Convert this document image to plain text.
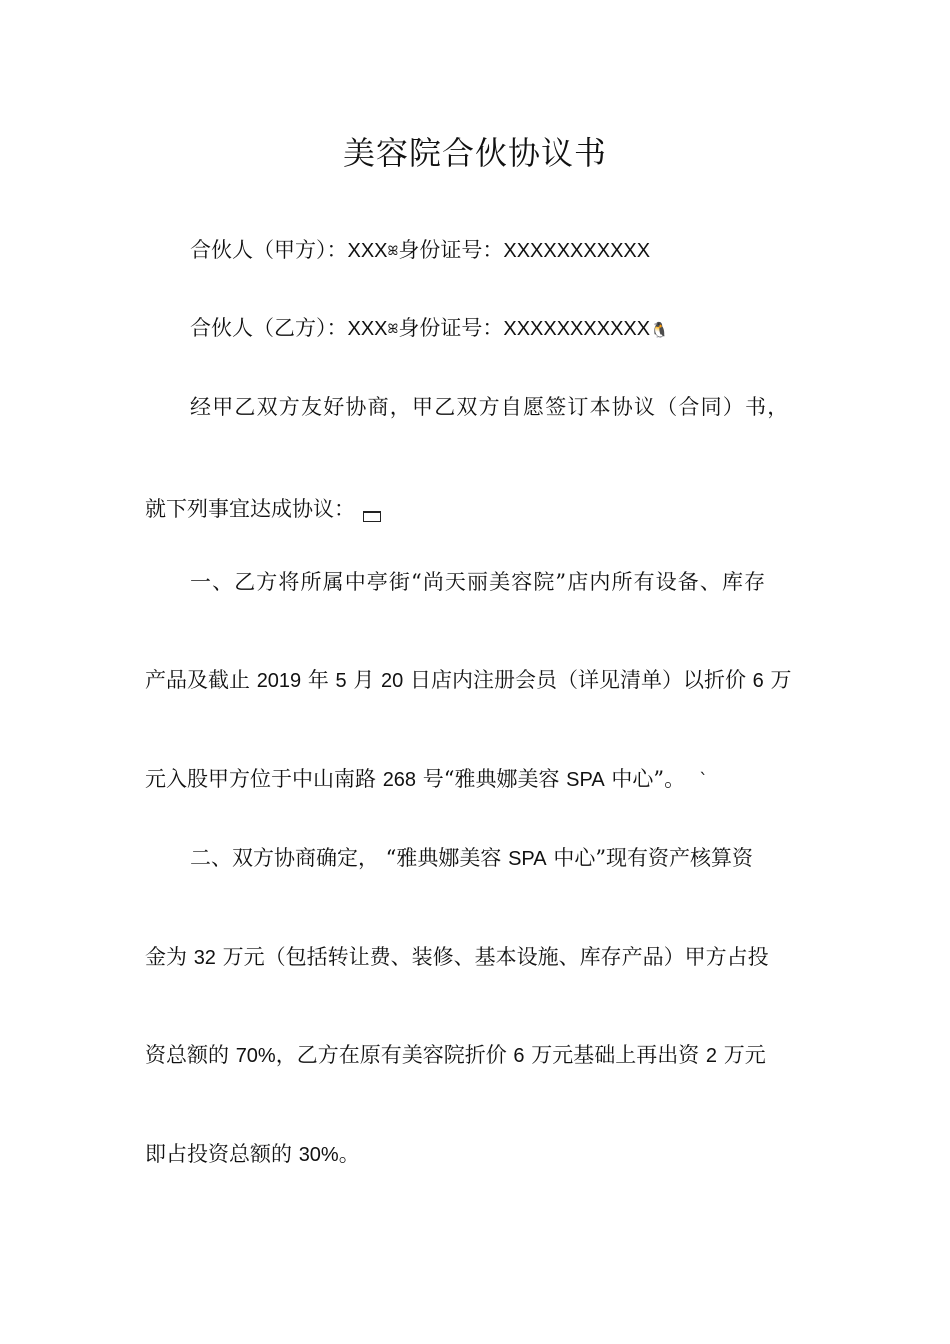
美容院合伙协议书

合伙人（甲方）：XXXꕤ身份证号：XXXXXXXXXXX

合伙人（乙方）：XXXꕤ身份证号：XXXXXXXXXXX🐧

经甲乙双方友好协商，甲乙双方自愿签订本协议（合同）书，

就下列事宜达成协议：

一、乙方将所属中亭街“尚天丽美容院”店内所有设备、库存

产品及截止 2019 年 5 月 20 日店内注册会员（详见清单）以折价 6 万

元入股甲方位于中山南路 268 号“雅典娜美容 SPA 中心”。 `

二、双方协商确定， “雅典娜美容 SPA 中心”现有资产核算资

金为 32 万元（包括转让费、装修、基本设施、库存产品）甲方占投

资总额的 70%，乙方在原有美容院折价 6 万元基础上再出资 2 万元

即占投资总额的 30%。
